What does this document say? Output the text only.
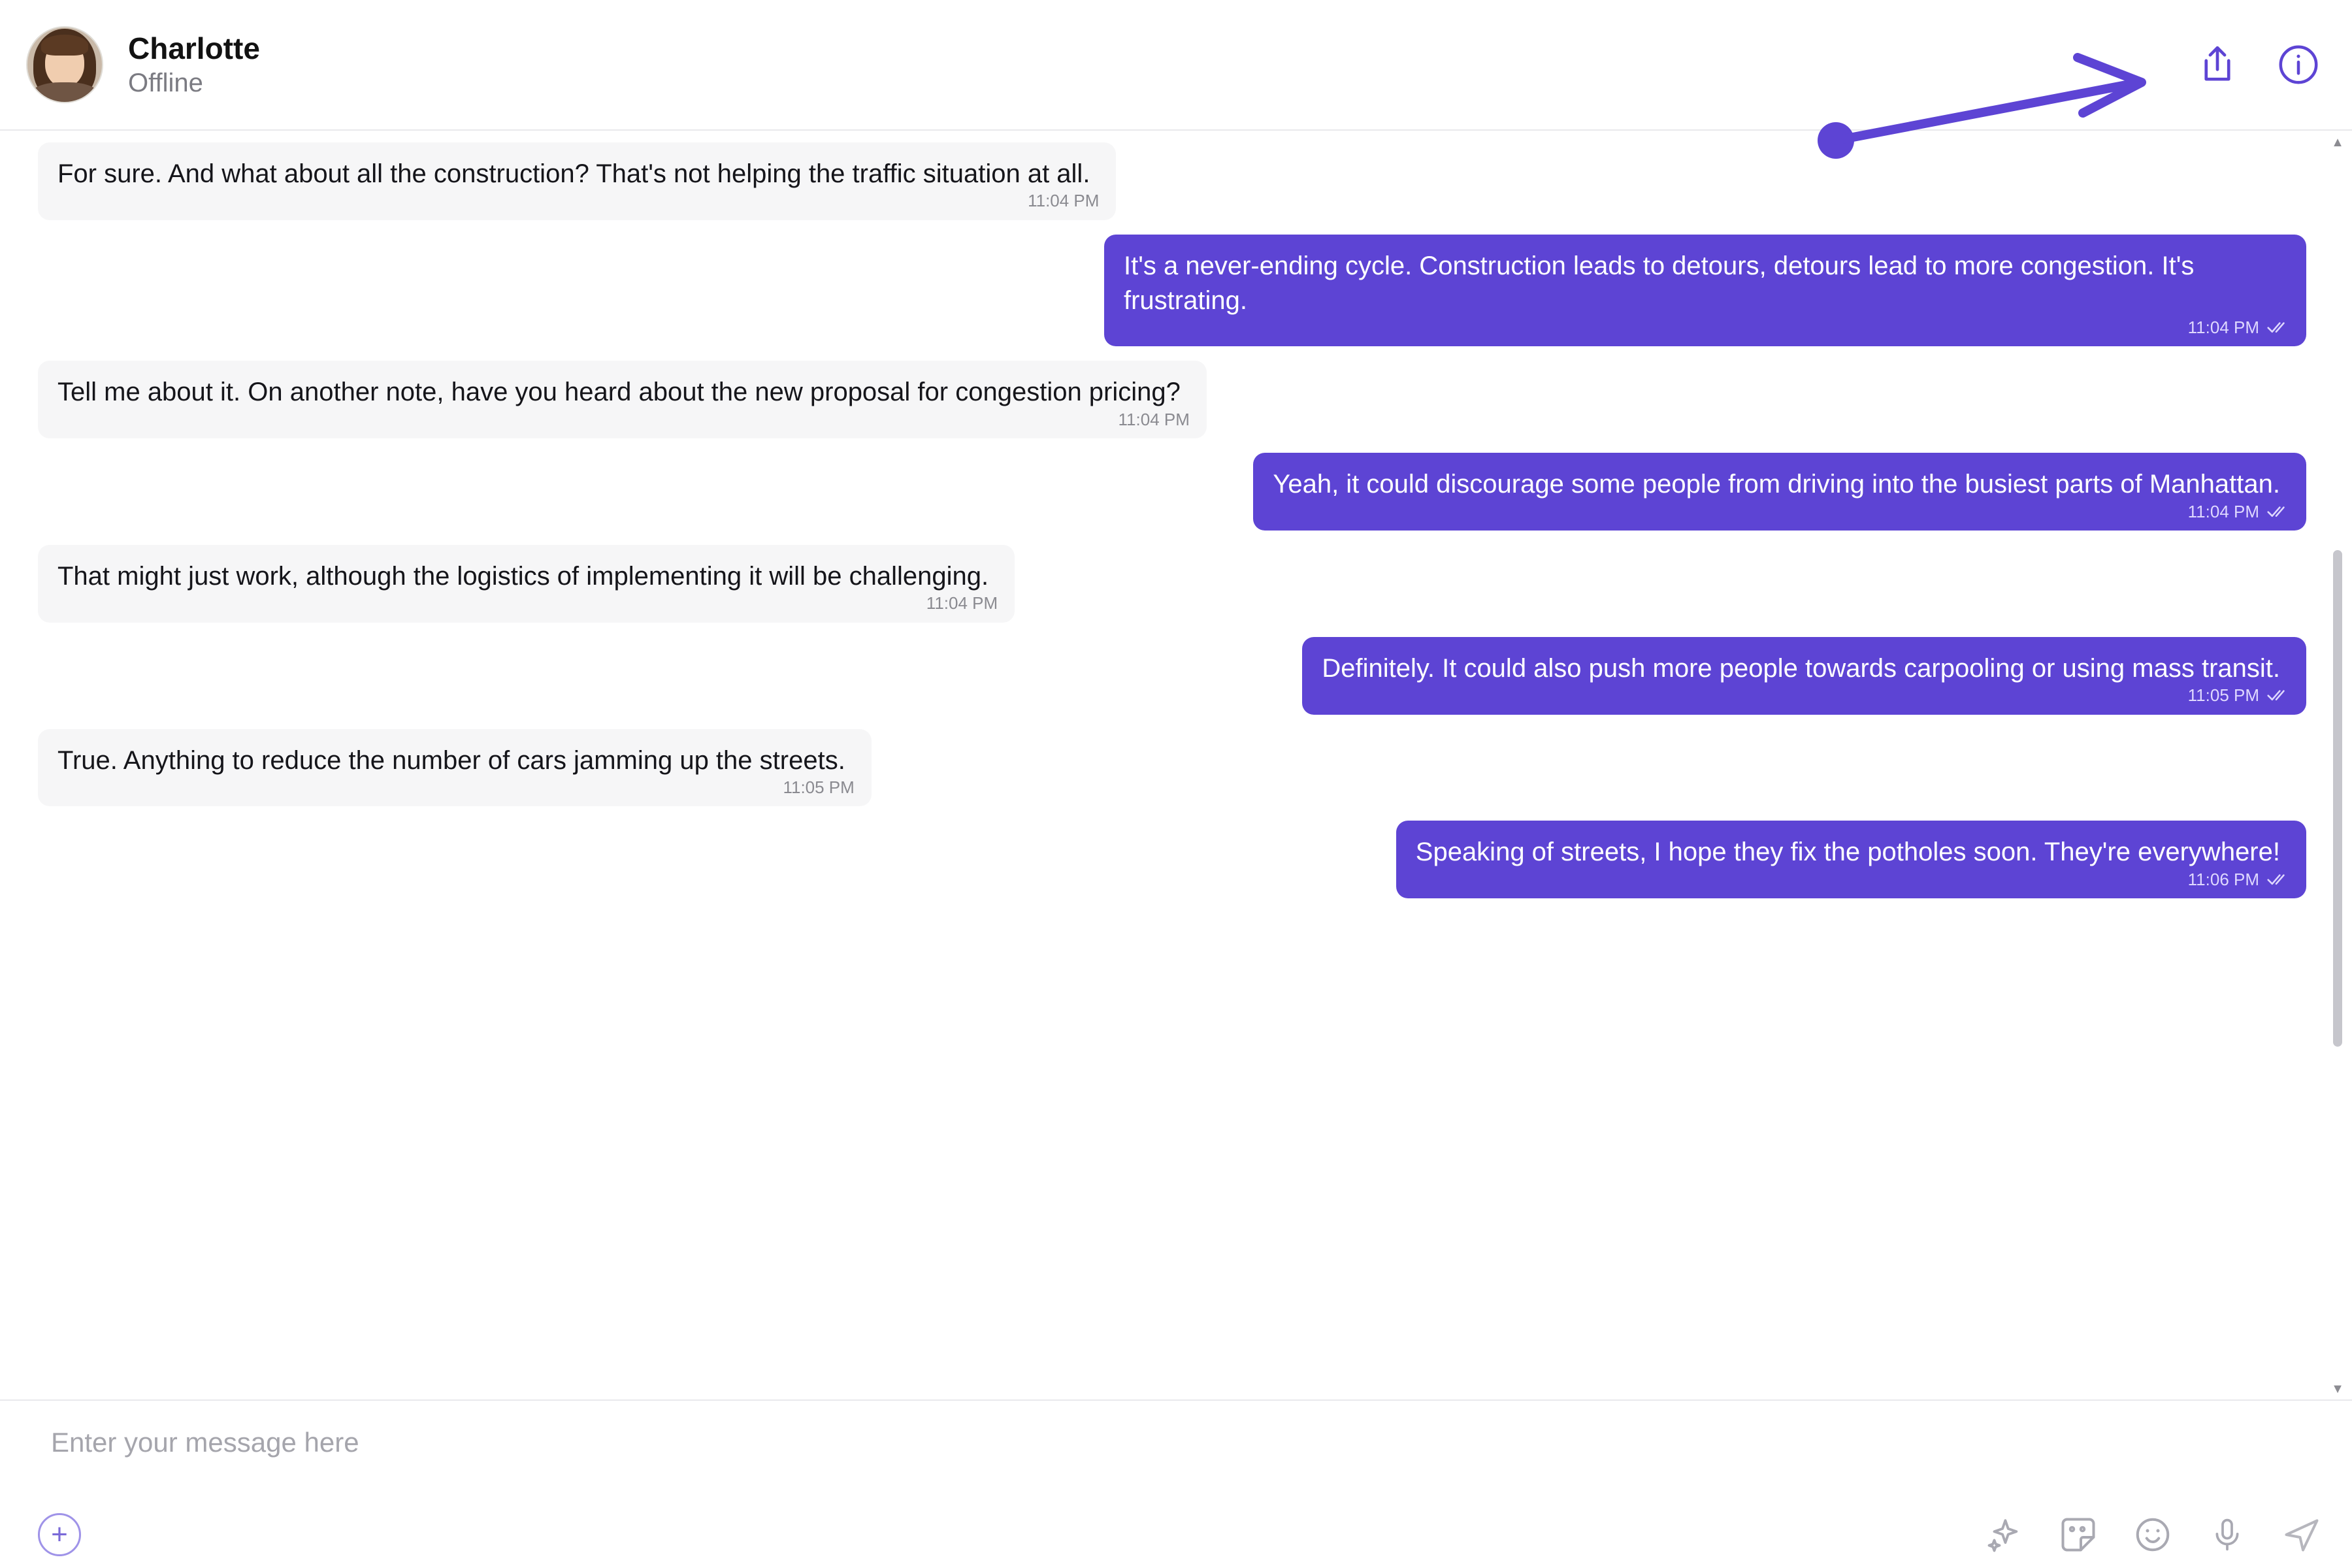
Charlotte
Offline
For sure. And what about all the construction? That's not helping the traffic situation at all.
11:04 PM
It's a never-ending cycle. Construction leads to detours, detours lead to more congestion. It's frustrating.
11:04 PM
Tell me about it. On another note, have you heard about the new proposal for congestion pricing?
11:04 PM
Yeah, it could discourage some people from driving into the busiest parts of Manhattan.
11:04 PM
That might just work, although the logistics of implementing it will be challenging.
11:04 PM
Definitely. It could also push more people towards carpooling or using mass transit.
11:05 PM
True. Anything to reduce the number of cars jamming up the streets.
11:05 PM
Speaking of streets, I hope they fix the potholes soon. They're everywhere!
11:06 PM
▲
▼
Enter your message here
+
